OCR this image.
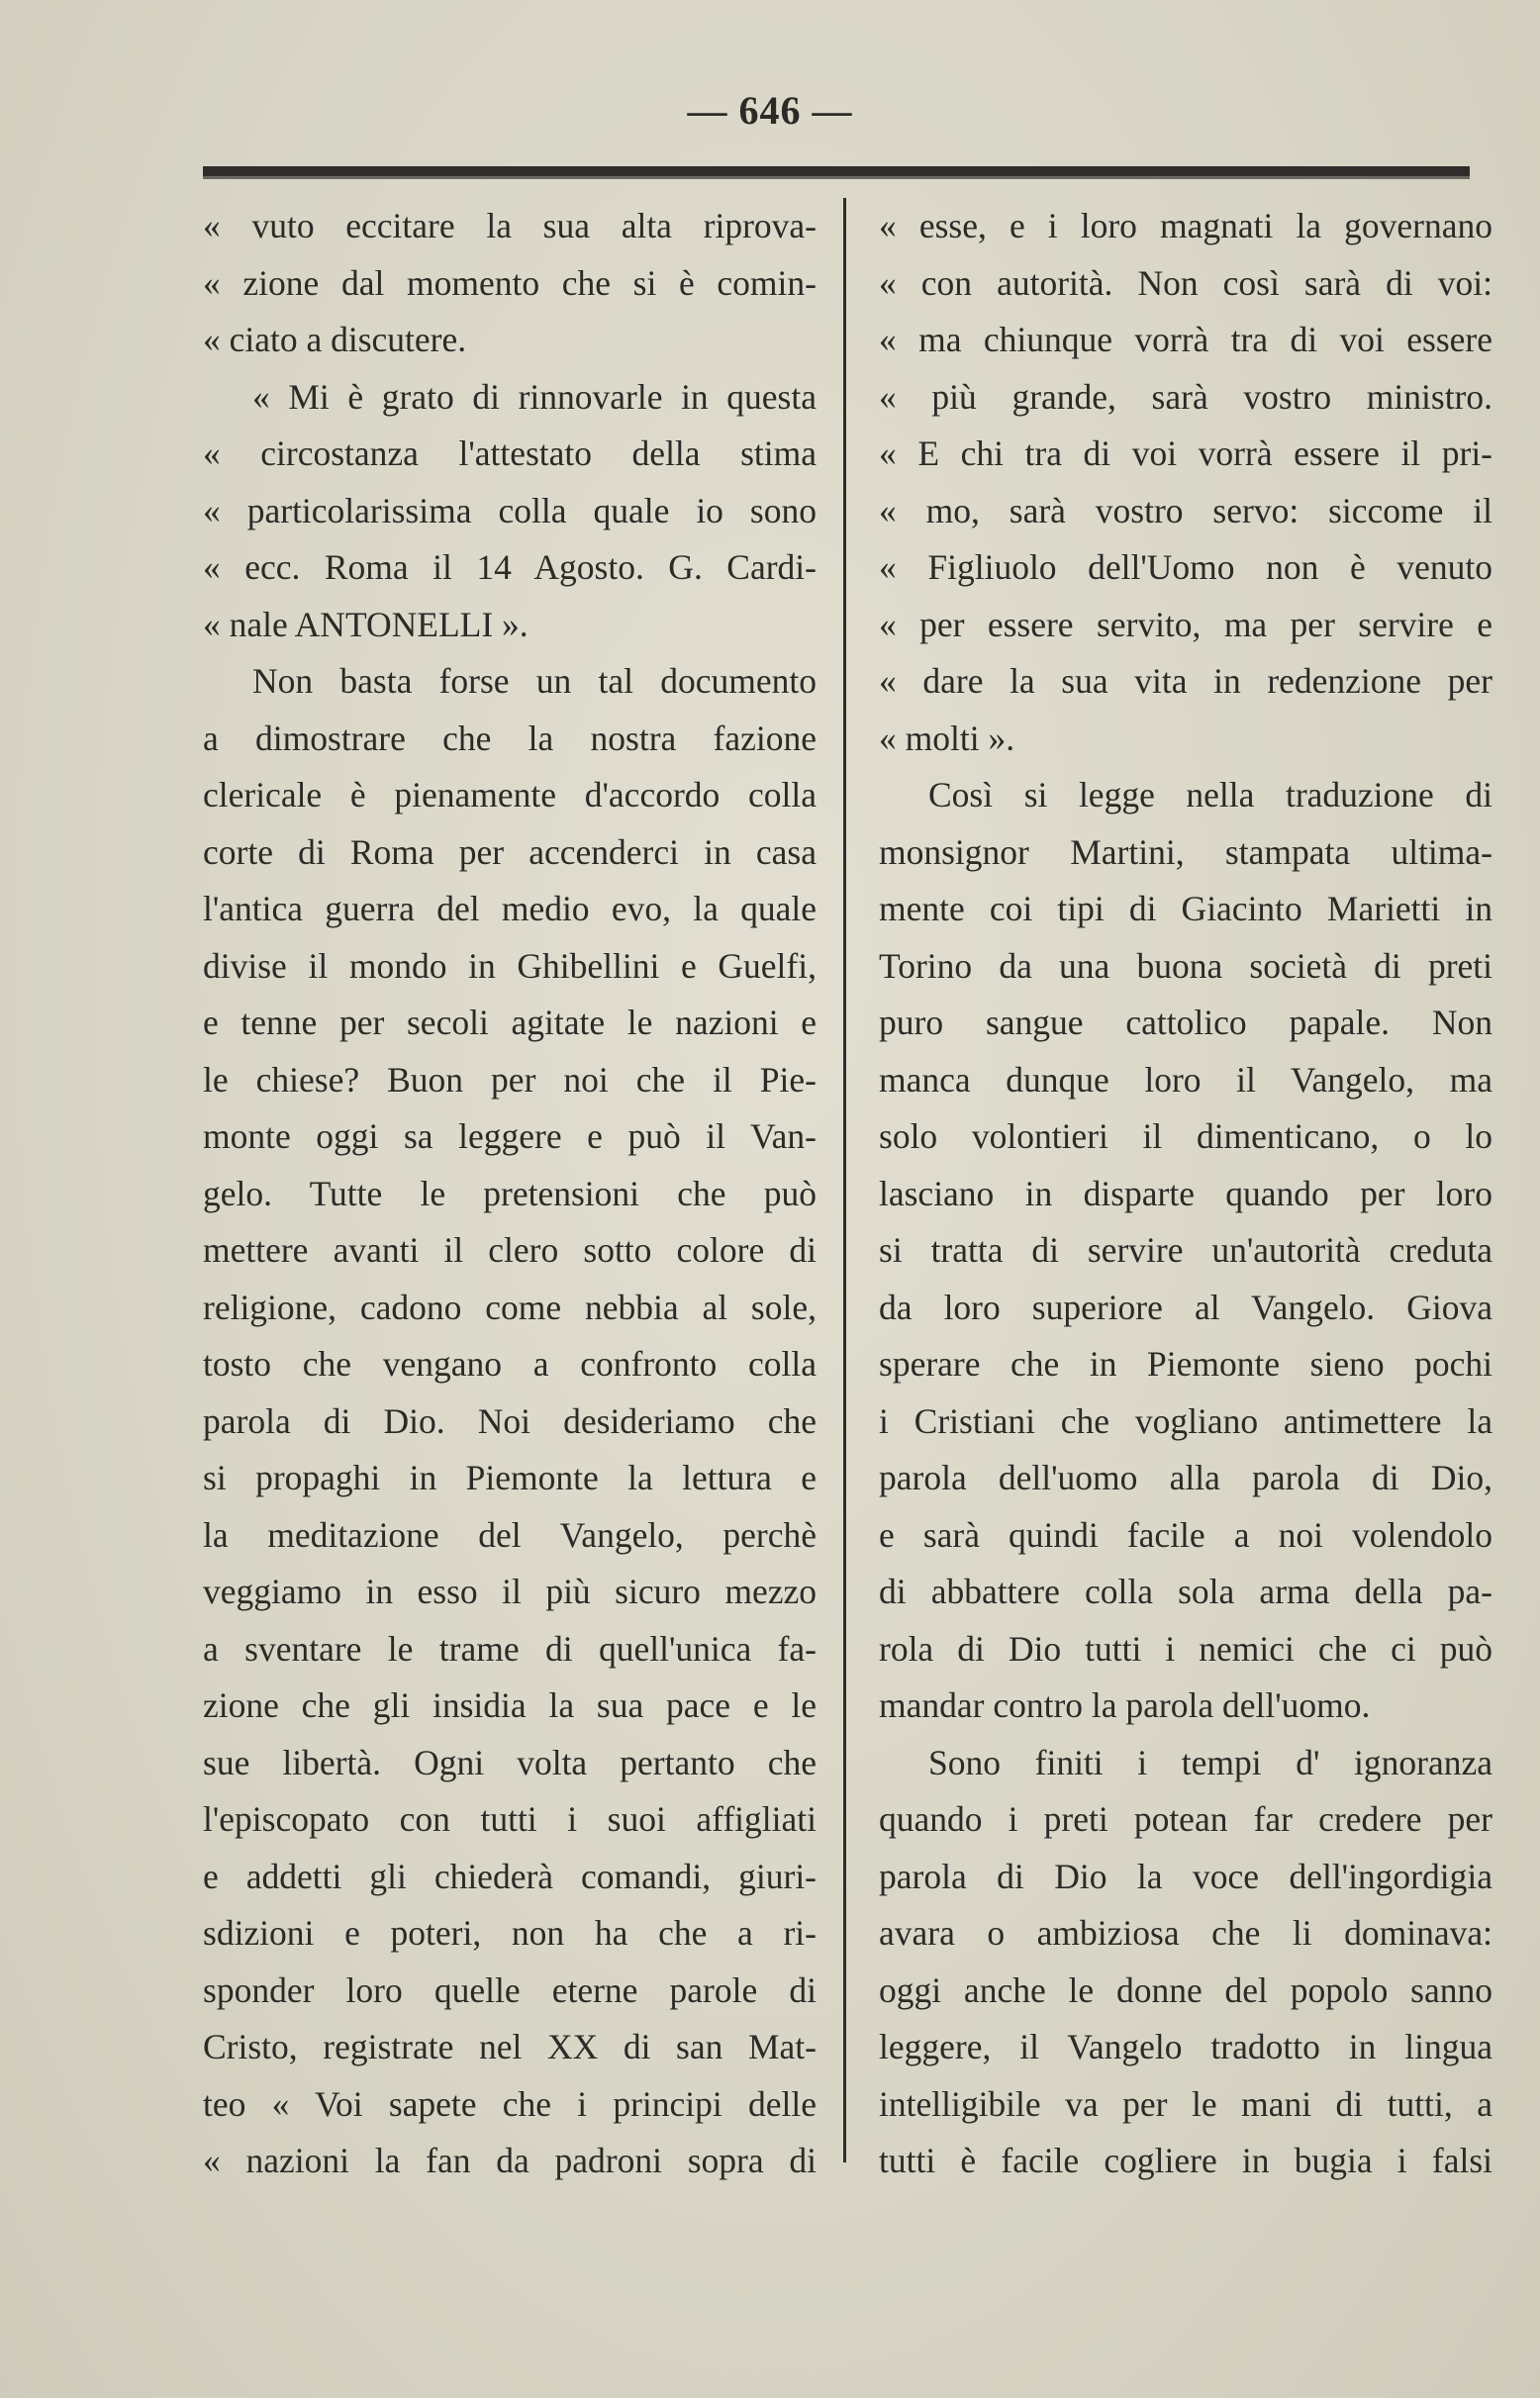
— 646 —
« vuto eccitare la sua alta riprova-
« zione dal momento che si è comin-
« ciato a discutere.
« Mi è grato di rinnovarle in questa
« circostanza l'attestato della stima
« particolarissima colla quale io sono
« ecc. Roma il 14 Agosto. G. Cardi-
« nale ANTONELLI ».
Non basta forse un tal documento
a dimostrare che la nostra fazione
clericale è pienamente d'accordo colla
corte di Roma per accenderci in casa
l'antica guerra del medio evo, la quale
divise il mondo in Ghibellini e Guelfi,
e tenne per secoli agitate le nazioni e
le chiese? Buon per noi che il Pie-
monte oggi sa leggere e può il Van-
gelo. Tutte le pretensioni che può
mettere avanti il clero sotto colore di
religione, cadono come nebbia al sole,
tosto che vengano a confronto colla
parola di Dio. Noi desideriamo che
si propaghi in Piemonte la lettura e
la meditazione del Vangelo, perchè
veggiamo in esso il più sicuro mezzo
a sventare le trame di quell'unica fa-
zione che gli insidia la sua pace e le
sue libertà. Ogni volta pertanto che
l'episcopato con tutti i suoi affigliati
e addetti gli chiederà comandi, giuri-
sdizioni e poteri, non ha che a ri-
sponder loro quelle eterne parole di
Cristo, registrate nel XX di san Mat-
teo « Voi sapete che i principi delle
« nazioni la fan da padroni sopra di
« esse, e i loro magnati la governano
« con autorità. Non così sarà di voi:
« ma chiunque vorrà tra di voi essere
« più grande, sarà vostro ministro.
« E chi tra di voi vorrà essere il pri-
« mo, sarà vostro servo: siccome il
« Figliuolo dell'Uomo non è venuto
« per essere servito, ma per servire e
« dare la sua vita in redenzione per
« molti ».
Così si legge nella traduzione di
monsignor Martini, stampata ultima-
mente coi tipi di Giacinto Marietti in
Torino da una buona società di preti
puro sangue cattolico papale. Non
manca dunque loro il Vangelo, ma
solo volontieri il dimenticano, o lo
lasciano in disparte quando per loro
si tratta di servire un'autorità creduta
da loro superiore al Vangelo. Giova
sperare che in Piemonte sieno pochi
i Cristiani che vogliano antimettere la
parola dell'uomo alla parola di Dio,
e sarà quindi facile a noi volendolo
di abbattere colla sola arma della pa-
rola di Dio tutti i nemici che ci può
mandar contro la parola dell'uomo.
Sono finiti i tempi d' ignoranza
quando i preti potean far credere per
parola di Dio la voce dell'ingordigia
avara o ambiziosa che li dominava:
oggi anche le donne del popolo sanno
leggere, il Vangelo tradotto in lingua
intelligibile va per le mani di tutti, a
tutti è facile cogliere in bugia i falsi
